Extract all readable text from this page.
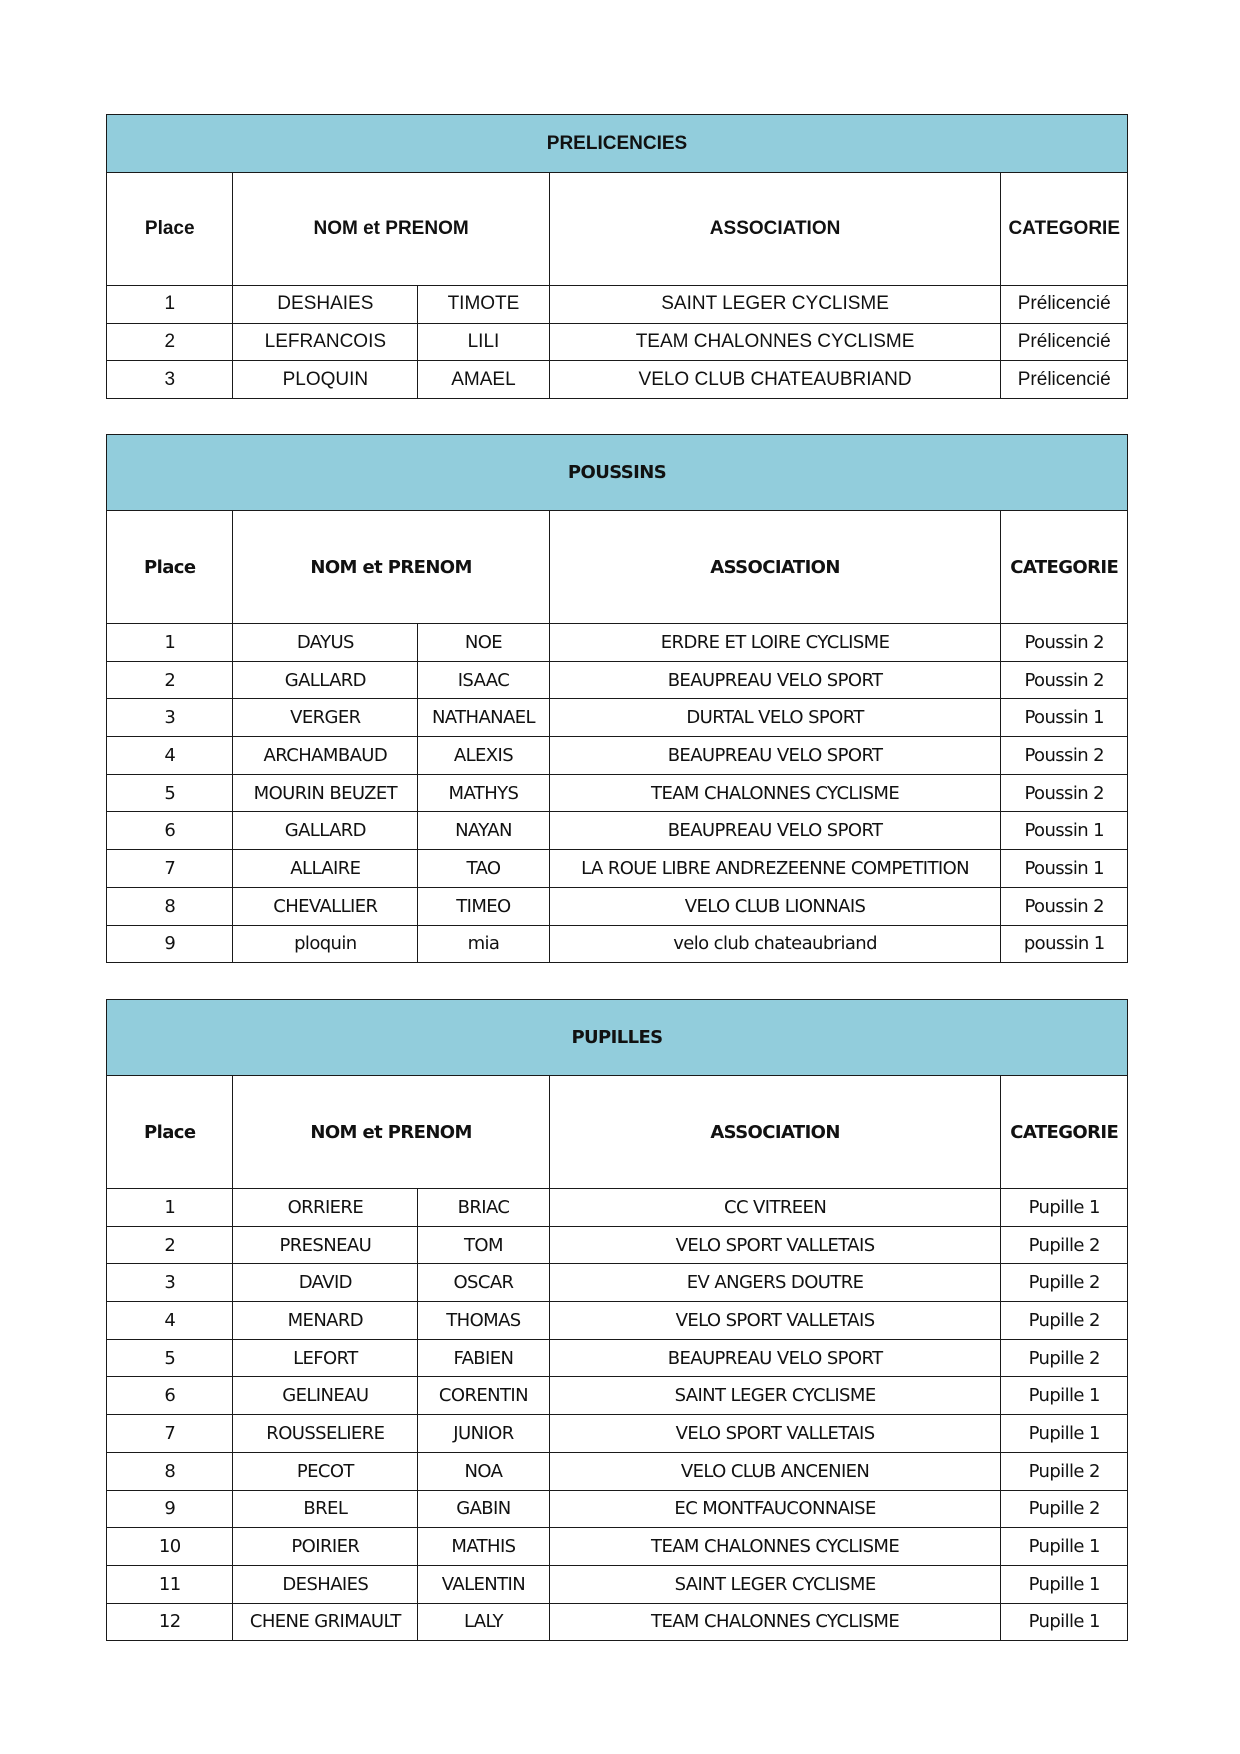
PRELICENCIES				
Place	NOM et PRENOM		ASSOCIATION	CATEGORIE
1	DESHAIES	TIMOTE	SAINT LEGER CYCLISME	Prélicencié
2	LEFRANCOIS	LILI	TEAM CHALONNES CYCLISME	Prélicencié
3	PLOQUIN	AMAEL	VELO CLUB CHATEAUBRIAND	Prélicencié
POUSSINS				
Place	NOM et PRENOM		ASSOCIATION	CATEGORIE
1	DAYUS	NOE	ERDRE ET LOIRE CYCLISME	Poussin 2
2	GALLARD	ISAAC	BEAUPREAU VELO SPORT	Poussin 2
3	VERGER	NATHANAEL	DURTAL VELO SPORT	Poussin 1
4	ARCHAMBAUD	ALEXIS	BEAUPREAU VELO SPORT	Poussin 2
5	MOURIN BEUZET	MATHYS	TEAM CHALONNES CYCLISME	Poussin 2
6	GALLARD	NAYAN	BEAUPREAU VELO SPORT	Poussin 1
7	ALLAIRE	TAO	LA ROUE LIBRE ANDREZEENNE COMPETITION	Poussin 1
8	CHEVALLIER	TIMEO	VELO CLUB LIONNAIS	Poussin 2
9	ploquin	mia	velo club chateaubriand	poussin 1
PUPILLES				
Place	NOM et PRENOM		ASSOCIATION	CATEGORIE
1	ORRIERE	BRIAC	CC VITREEN	Pupille 1
2	PRESNEAU	TOM	VELO SPORT VALLETAIS	Pupille 2
3	DAVID	OSCAR	EV ANGERS DOUTRE	Pupille 2
4	MENARD	THOMAS	VELO SPORT VALLETAIS	Pupille 2
5	LEFORT	FABIEN	BEAUPREAU VELO SPORT	Pupille 2
6	GELINEAU	CORENTIN	SAINT LEGER CYCLISME	Pupille 1
7	ROUSSELIERE	JUNIOR	VELO SPORT VALLETAIS	Pupille 1
8	PECOT	NOA	VELO CLUB ANCENIEN	Pupille 2
9	BREL	GABIN	EC MONTFAUCONNAISE	Pupille 2
10	POIRIER	MATHIS	TEAM CHALONNES CYCLISME	Pupille 1
11	DESHAIES	VALENTIN	SAINT LEGER CYCLISME	Pupille 1
12	CHENE GRIMAULT	LALY	TEAM CHALONNES CYCLISME	Pupille 1
